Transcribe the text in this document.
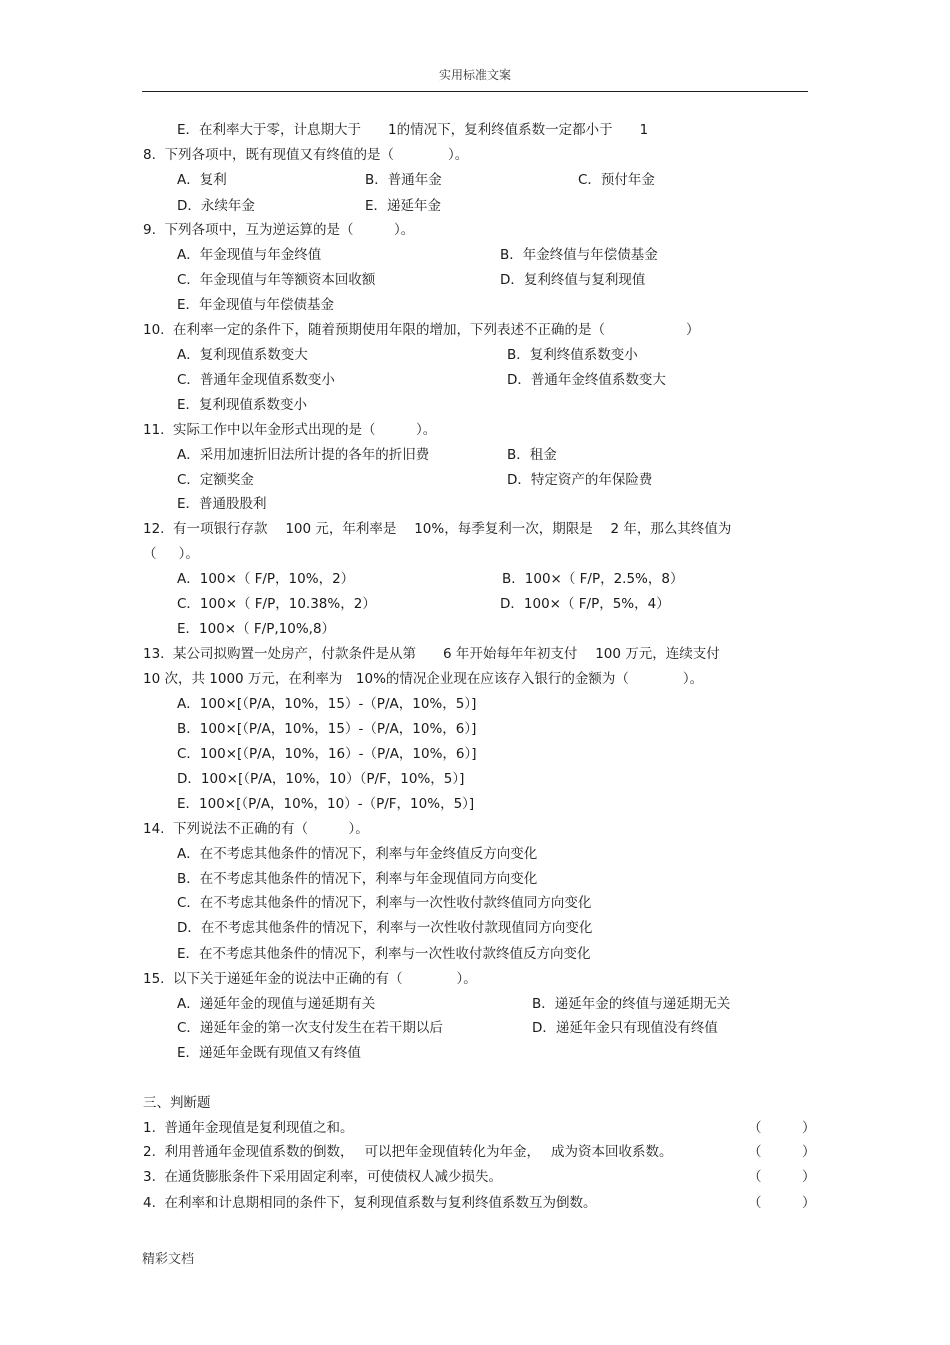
实用标准文案
E．在利率大于零，计息期大于　　1的情况下，复利终值系数一定都小于　　1
8.  下列各项中，既有现值又有终值的是（　　　　）。
A．复利	B．普通年金	C．预付年金
D．永续年金	E．递延年金
9.  下列各项中，互为逆运算的是（　　　）。
A．年金现值与年金终值	B．年金终值与年偿债基金
C．年金现值与年等额资本回收额	D．复利终值与复利现值
E．年金现值与年偿债基金
10.  在利率一定的条件下，随着预期使用年限的增加，下列表述不正确的是（　　　　　　）
A．复利现值系数变大	B．复利终值系数变小
C．普通年金现值系数变小	D．普通年金终值系数变大
E．复利现值系数变小
11.  实际工作中以年金形式出现的是（　　　）。
A．采用加速折旧法所计提的各年的折旧费	B．租金
C．定额奖金	D．特定资产的年保险费
E．普通股股利
12.  有一项银行存款　 100 元，年利率是　 10%，每季复利一次，期限是　 2 年，那么其终值为
（　  ）。
A．100×（ F/P，10%，2）	B．100×（ F/P，2.5%，8）
C．100×（ F/P，10.38%，2）	D．100×（ F/P，5%，4）
E．100×（ F/P,10%,8）
13.  某公司拟购置一处房产，付款条件是从第　　6 年开始每年年初支付　 100 万元，连续支付
10 次，共 1000 万元，在利率为　10%的情况企业现在应该存入银行的金额为（　　　　）。
A．100×[（P/A，10%，15）-（P/A，10%，5）]
B．100×[（P/A，10%，15）-（P/A，10%，6）]
C．100×[（P/A，10%，16）-（P/A，10%，6）]
D．100×[（P/A，10%，10）（P/F，10%，5）]
E．100×[（P/A，10%，10）-（P/F，10%，5）]
14.  下列说法不正确的有（　　　）。
A．在不考虑其他条件的情况下，利率与年金终值反方向变化
B．在不考虑其他条件的情况下，利率与年金现值同方向变化
C．在不考虑其他条件的情况下，利率与一次性收付款终值同方向变化
D．在不考虑其他条件的情况下，利率与一次性收付款现值同方向变化
E．在不考虑其他条件的情况下，利率与一次性收付款终值反方向变化
15.  以下关于递延年金的说法中正确的有（　　　　）。
A．递延年金的现值与递延期有关	B．递延年金的终值与递延期无关
C．递延年金的第一次支付发生在若干期以后	D．递延年金只有现值没有终值
E．递延年金既有现值又有终值
三、判断题
1.  普通年金现值是复利现值之和。	（　　　）
2.  利用普通年金现值系数的倒数，　 可以把年金现值转化为年金，　 成为资本回收系数。	（　　　）
3.  在通货膨胀条件下采用固定利率，可使债权人减少损失。	（　　　）
4.  在利率和计息期相同的条件下，复利现值系数与复利终值系数互为倒数。	（　　　）
精彩文档
